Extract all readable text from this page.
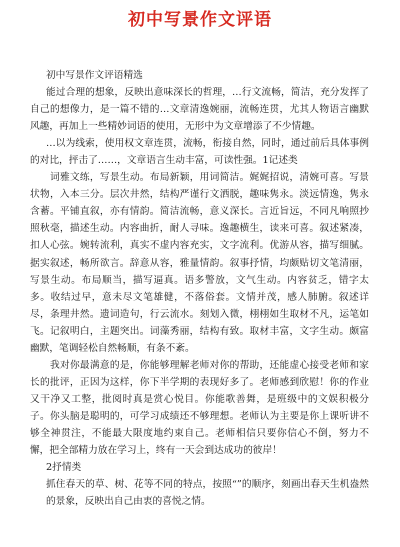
初中写景作文评语

初中写景作文评语精选

能过合理的想象，反映出意味深长的哲理，…行文流畅，简洁，充分发挥了自己的想像力，是一篇不错的…文章清逸婉丽，流畅连贯，尤其人物语言幽默风趣，再加上一些精妙词语的使用，无形中为文章增添了不少情趣。

…以为线索，使用权文章连贯，流畅，衔接自然，同时，通过前后具体事例的对比，抨击了……，文章语言生动丰富，可读性强。1记述类

词雅文练，写景生动。布局新颖，用词简洁。娓娓招说，清婉可喜。写景状物，入本三分。层次井然，结构严谨行文洒脱，趣味隽永。淡远情逸，隽永含蓄。平铺直叙，亦有情韵。简洁流畅，意义深长。言近旨远，不同凡响照抄照秋毫，描述生动。内容曲折，耐人寻味。逸趣横生，读来可喜。叙述紧凑，扣人心弦。婉转流利，真实不虚内容充实，文字流利。优游从容，描写细腻。据实叙述，畅所欲言。辞意从容，雅量情韵。叙事抒情，均颇贴切文笔清丽，写景生动。布局顺当，描写逼真。语多警放，文气生动。内容贫乏，错字太多。收结过早，意未尽文笔雄健，不落俗套。文情并茂，感人肺腑。叙述详尽，条理井然。遗词造句，行云流水。刻划入微，栩栩如生取材不凡，运笔如飞。记叙明白，主题突出。词藻秀丽，结构有致。取材丰富，文字生动。颇富幽默，笔调轻松自然畅顺，有条不紊。

我对你最满意的是，你能够理解老师对你的帮助，还能虚心接受老师和家长的批评，正因为这样，你下半学期的表现好多了。老师感到欣慰！你的作业又干净又工整，批阅时真是赏心悦目。你能歌善舞，是班级中的文娱积极分子。你头脑是聪明的，可学习成绩还不够理想。老师认为主要是你上课听讲不够全神贯注，不能最大限度地约束自己。老师相信只要你信心不倒，努力不懈，把全部精力放在学习上，终有一天会到达成功的彼岸！

2抒情类

抓住春天的草、树、花等不同的特点，按照“”的顺序，刻画出春天生机盎然的景象，反映出自己由衷的喜悦之情。
